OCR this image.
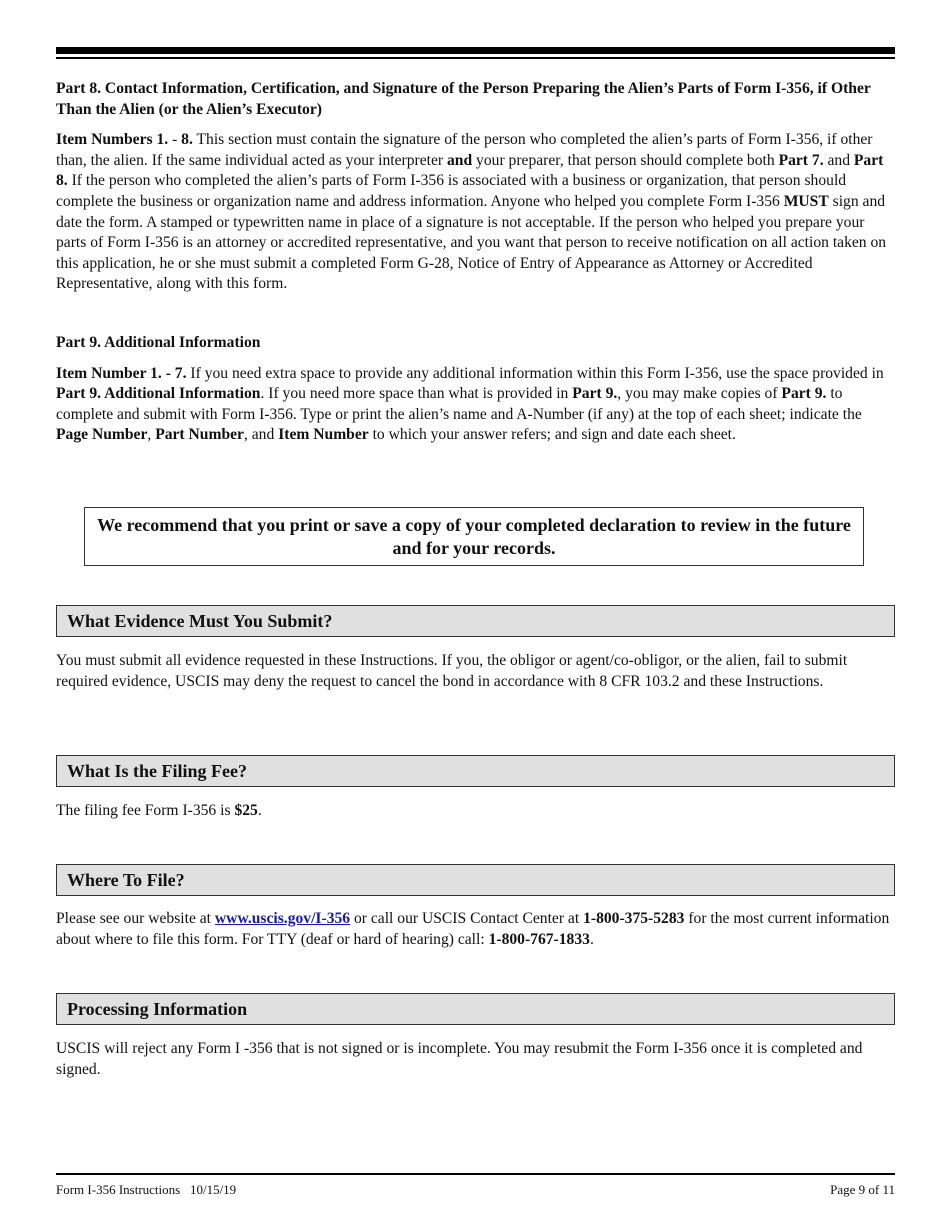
Part 8. Contact Information, Certification, and Signature of the Person Preparing the Alien’s Parts of Form I-356, if Other Than the Alien (or the Alien’s Executor)

Item Numbers 1. - 8. This section must contain the signature of the person who completed the alien’s parts of Form I-356, if other than, the alien. If the same individual acted as your interpreter and your preparer, that person should complete both Part 7. and Part 8. If the person who completed the alien’s parts of Form I-356 is associated with a business or organization, that person should complete the business or organization name and address information. Anyone who helped you complete Form I-356 MUST sign and date the form. A stamped or typewritten name in place of a signature is not acceptable. If the person who helped you prepare your parts of Form I-356 is an attorney or accredited representative, and you want that person to receive notification on all action taken on this application, he or she must submit a completed Form G-28, Notice of Entry of Appearance as Attorney or Accredited Representative, along with this form.

Part 9. Additional Information

Item Number 1. - 7. If you need extra space to provide any additional information within this Form I-356, use the space provided in Part 9. Additional Information. If you need more space than what is provided in Part 9., you may make copies of Part 9. to complete and submit with Form I-356. Type or print the alien’s name and A-Number (if any) at the top of each sheet; indicate the Page Number, Part Number, and Item Number to which your answer refers; and sign and date each sheet.

We recommend that you print or save a copy of your completed declaration to review in the future and for your records.
What Evidence Must You Submit?

You must submit all evidence requested in these Instructions. If you, the obligor or agent/co-obligor, or the alien, fail to submit required evidence, USCIS may deny the request to cancel the bond in accordance with 8 CFR 103.2 and these Instructions.

What Is the Filing Fee?

The filing fee Form I-356 is $25.

Where To File?

Please see our website at www.uscis.gov/I-356 or call our USCIS Contact Center at 1-800-375-5283 for the most current information about where to file this form. For TTY (deaf or hard of hearing) call: 1-800-767-1833.

Processing Information

USCIS will reject any Form I -356 that is not signed or is incomplete. You may resubmit the Form I-356 once it is completed and signed.

Form I-356 Instructions   10/15/19	Page 9 of 11
